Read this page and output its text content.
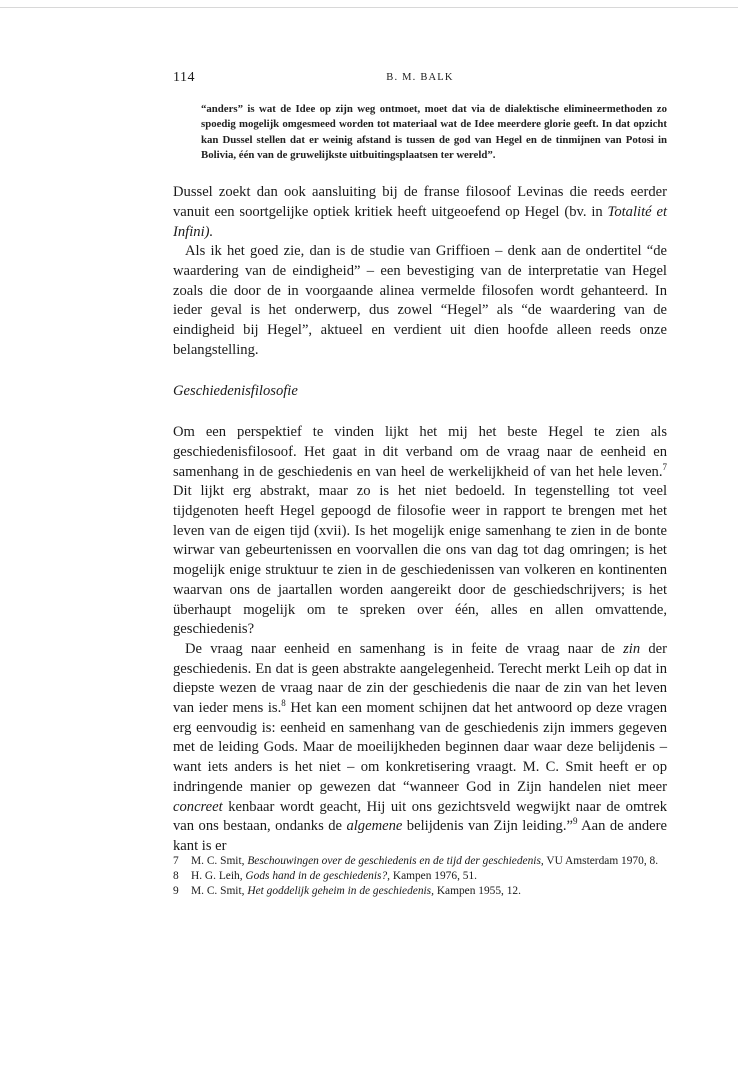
114	B. M. BALK
“anders” is wat de Idee op zijn weg ontmoet, moet dat via de dialektische elimineermethoden zo spoedig mogelijk omgesmeed worden tot materiaal wat de Idee meerdere glorie geeft. In dat opzicht kan Dussel stellen dat er weinig afstand is tussen de god van Hegel en de tinmijnen van Potosi in Bolivia, één van de gruwelijkste uitbuitingsplaatsen ter wereld”.

Dussel zoekt dan ook aansluiting bij de franse filosoof Levinas die reeds eerder vanuit een soortgelijke optiek kritiek heeft uitgeoefend op Hegel (bv. in Totalité et Infini).

Als ik het goed zie, dan is de studie van Griffioen – denk aan de ondertitel “de waardering van de eindigheid” – een bevestiging van de interpretatie van Hegel zoals die door de in voorgaande alinea vermelde filosofen wordt gehanteerd. In ieder geval is het onderwerp, dus zowel “Hegel” als “de waardering van de eindigheid bij Hegel”, aktueel en verdient uit dien hoofde alleen reeds onze belangstelling.

Geschiedenisfilosofie

Om een perspektief te vinden lijkt het mij het beste Hegel te zien als geschiedenisfilosoof. Het gaat in dit verband om de vraag naar de eenheid en samenhang in de geschiedenis en van heel de werkelijkheid of van het hele leven.$^7$ Dit lijkt erg abstrakt, maar zo is het niet bedoeld. In tegenstelling tot veel tijdgenoten heeft Hegel gepoogd de filosofie weer in rapport te brengen met het leven van de eigen tijd (xvii). Is het mogelijk enige samenhang te zien in de bonte wirwar van gebeurtenissen en voorvallen die ons van dag tot dag omringen; is het mogelijk enige struktuur te zien in de geschiedenissen van volkeren en kontinenten waarvan ons de jaartallen worden aangereikt door de geschiedschrijvers; is het überhaupt mogelijk om te spreken over één, alles en allen omvattende, geschiedenis?

De vraag naar eenheid en samenhang is in feite de vraag naar de zin der geschiedenis. En dat is geen abstrakte aangelegenheid. Terecht merkt Leih op dat in diepste wezen de vraag naar de zin der geschiedenis die naar de zin van het leven van ieder mens is.$^8$ Het kan een moment schijnen dat het antwoord op deze vragen erg eenvoudig is: eenheid en samenhang van de geschiedenis zijn immers gegeven met de leiding Gods. Maar de moeilijkheden beginnen daar waar deze belijdenis – want iets anders is het niet – om konkretisering vraagt. M. C. Smit heeft er op indringende manier op gewezen dat “wanneer God in Zijn handelen niet meer concreet kenbaar wordt geacht, Hij uit ons gezichtsveld wegwijkt naar de omtrek van ons bestaan, ondanks de algemene belijdenis van Zijn leiding.”$^9$ Aan de andere kant is er

7 M. C. Smit, Beschouwingen over de geschiedenis en de tijd der geschiedenis, VU Amsterdam 1970, 8.

8 H. G. Leih, Gods hand in de geschiedenis?, Kampen 1976, 51.

9 M. C. Smit, Het goddelijk geheim in de geschiedenis, Kampen 1955, 12.
